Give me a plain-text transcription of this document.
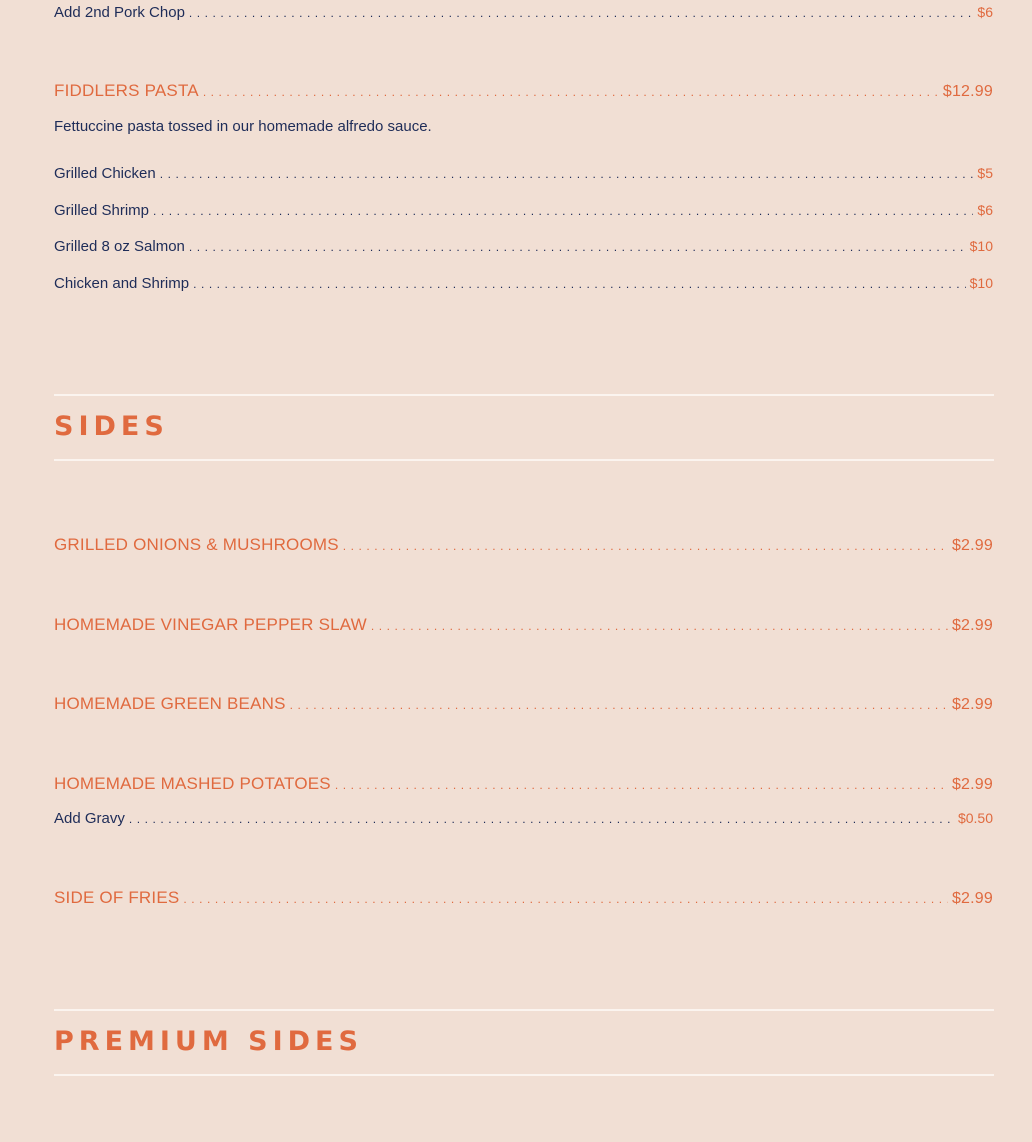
Add 2nd Pork Chop . . .	$6
FIDDLERS PASTA . . .	$12.99
Fettuccine pasta tossed in our homemade alfredo sauce.
Grilled Chicken . . .	$5
Grilled Shrimp . . .	$6
Grilled 8 oz Salmon . . .	$10
Chicken and Shrimp . . .	$10
SIDES
GRILLED ONIONS & MUSHROOMS . . .	$2.99
HOMEMADE VINEGAR PEPPER SLAW . . .	$2.99
HOMEMADE GREEN BEANS . . .	$2.99
HOMEMADE MASHED POTATOES . . .	$2.99
Add Gravy . . .	$0.50
SIDE OF FRIES . . .	$2.99
PREMIUM SIDES
